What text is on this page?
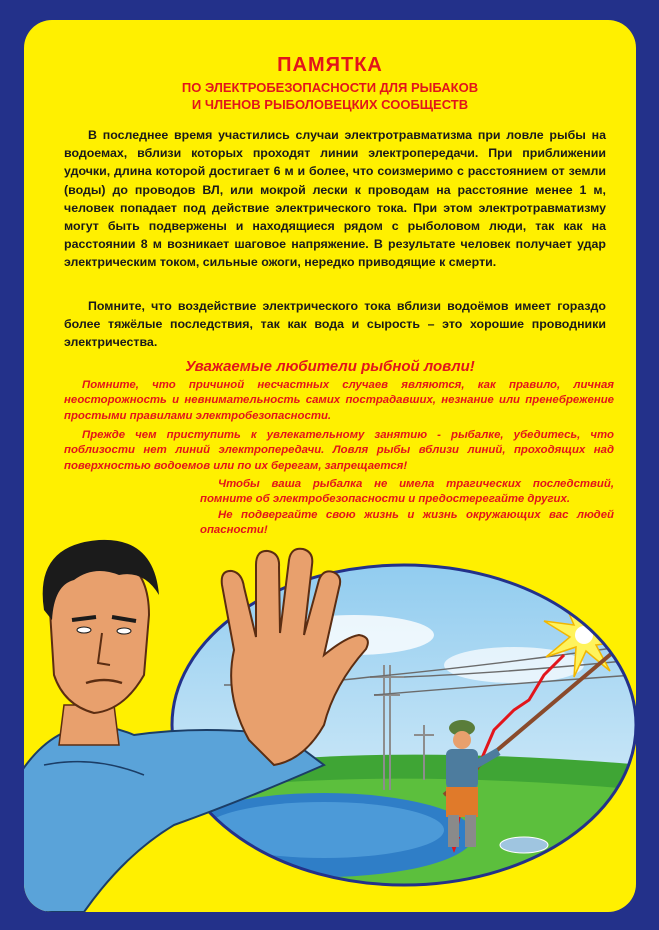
ПАМЯТКА
ПО ЭЛЕКТРОБЕЗОПАСНОСТИ ДЛЯ РЫБАКОВ
И ЧЛЕНОВ РЫБОЛОВЕЦКИХ СООБЩЕСТВ

В последнее время участились случаи электротравматизма при ловле рыбы на водоемах, вблизи которых проходят линии электропередачи. При приближении удочки, длина которой достигает 6 м и более, что соизмеримо с расстоянием от земли (воды) до проводов ВЛ, или мокрой лески к проводам на расстояние менее 1 м, человек попадает под действие электрического тока. При этом электротравматизму могут быть подвержены и находящиеся рядом с рыболовом люди, так как на расстоянии 8 м возникает шаговое напряжение. В результате человек получает удар электрическим током, сильные ожоги, нередко приводящие к смерти.

Помните, что воздействие электрического тока вблизи водоёмов имеет гораздо более тяжёлые последствия, так как вода и сырость – это хорошие проводники электричества.

Уважаемые любители рыбной ловли!

Помните, что причиной несчастных случаев являются, как правило, личная неосторожность и невнимательность самих пострадавших, незнание или пренебрежение простыми правилами электробезопасности.

Прежде чем приступить к увлекательному занятию - рыбалке, убедитесь, что поблизости нет линий электропередачи. Ловля рыбы вблизи линий, проходящих над поверхностью водоемов или по их берегам, запрещается!

Чтобы ваша рыбалка не имела трагических последствий, помните об электробезопасности и предостерегайте других.

Не подвергайте свою жизнь и жизнь окружающих вас людей опасности!
